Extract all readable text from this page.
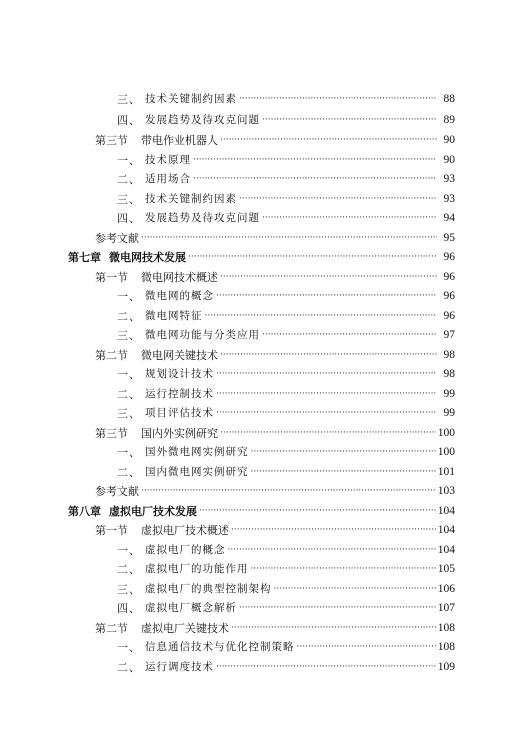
三、 技术关键制约因素 ·····	88
四、 发展趋势及待攻克问题 ·····	89
第三节 带电作业机器人 ·····	90
一、 技术原理 ·····	90
二、 适用场合 ·····	93
三、 技术关键制约因素 ·····	93
四、 发展趋势及待攻克问题 ·····	94
参考文献 ·····	95
第七章 微电网技术发展 ·····	96
第一节 微电网技术概述 ·····	96
一、 微电网的概念 ·····	96
二、 微电网特征 ·····	96
三、 微电网功能与分类应用 ·····	97
第二节 微电网关键技术 ·····	98
一、 规划设计技术 ·····	98
二、 运行控制技术 ·····	99
三、 项目评估技术 ·····	99
第三节 国内外实例研究 ·····	100
一、 国外微电网实例研究 ·····	100
二、 国内微电网实例研究 ·····	101
参考文献 ·····	103
第八章 虚拟电厂技术发展 ·····	104
第一节 虚拟电厂技术概述 ·····	104
一、 虚拟电厂的概念 ·····	104
二、 虚拟电厂的功能作用 ·····	105
三、 虚拟电厂的典型控制架构 ·····	106
四、 虚拟电厂概念解析 ·····	107
第二节 虚拟电厂关键技术 ·····	108
一、 信息通信技术与优化控制策略 ·····	108
二、 运行调度技术 ·····	109
